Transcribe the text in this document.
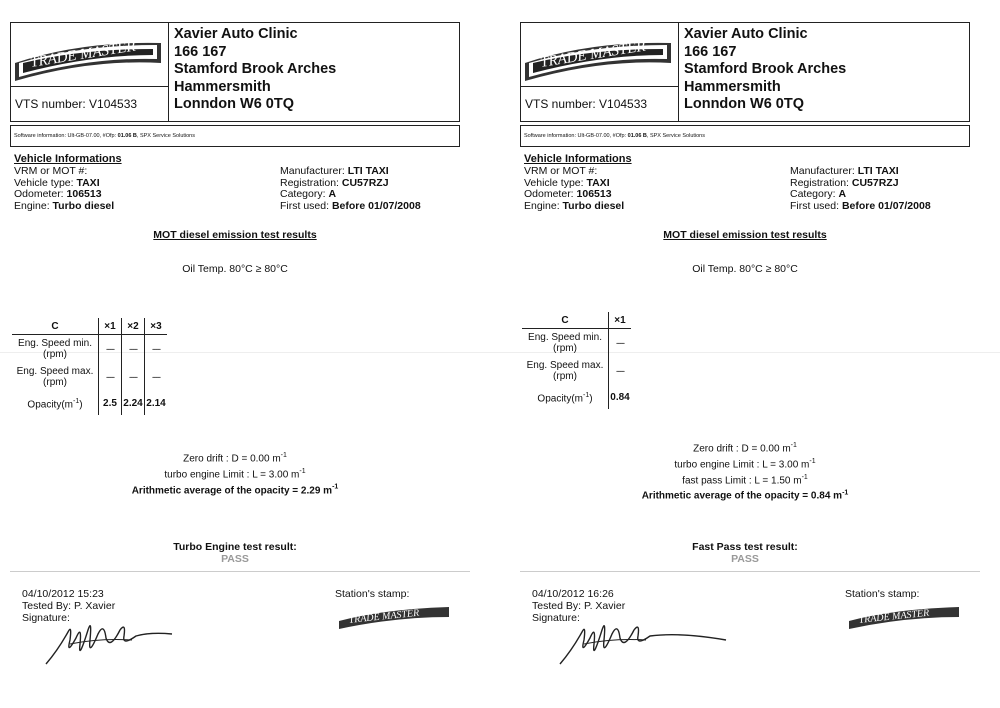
TRADE MASTER
VTS number: V104533
Xavier Auto Clinic
166 167
Stamford Brook Arches
Hammersmith
Lonndon W6 0TQ
Software information: Ult-GB-07.00, #Ofp: 01.06 B, SPX Service Solutions
Vehicle Informations
VRM or MOT #:
Vehicle type: TAXI
Odometer: 106513
Engine: Turbo diesel
Manufacturer: LTI TAXI
Registration: CU57RZJ
Category: A
First used: Before 01/07/2008
MOT diesel emission test results
Oil Temp. 80°C ≥ 80°C
C	×1	×2	×3
Eng. Speed min.
(rpm)	----	----	----
Eng. Speed max.
(rpm)	----	----	----
$Opacity(m^{-1})$	2.5	2.24	2.14
Zero drift : D = 0.00 $m^{-1}$
turbo engine Limit : L = 3.00 $m^{-1}$
Arithmetic average of the opacity = 2.29 $m^{-1}$
Turbo Engine test result:
PASS
04/10/2012 15:23
Tested By: P. Xavier
Signature:
Station's stamp:
TRADE MASTER
TRADE MASTER
VTS number: V104533
Xavier Auto Clinic
166 167
Stamford Brook Arches
Hammersmith
Lonndon W6 0TQ
Software information: Ult-GB-07.00, #Ofp: 01.06 B, SPX Service Solutions
Vehicle Informations
VRM or MOT #:
Vehicle type: TAXI
Odometer: 106513
Engine: Turbo diesel
Manufacturer: LTI TAXI
Registration: CU57RZJ
Category: A
First used: Before 01/07/2008
MOT diesel emission test results
Oil Temp. 80°C ≥ 80°C
C	×1
Eng. Speed min.
(rpm)	----
Eng. Speed max.
(rpm)	----
$Opacity(m^{-1})$	0.84
Zero drift : D = 0.00 $m^{-1}$
turbo engine Limit : L = 3.00 $m^{-1}$
fast pass Limit : L = 1.50 $m^{-1}$
Arithmetic average of the opacity = 0.84 $m^{-1}$
Fast Pass test result:
PASS
04/10/2012 16:26
Tested By: P. Xavier
Signature:
Station's stamp:
TRADE MASTER
